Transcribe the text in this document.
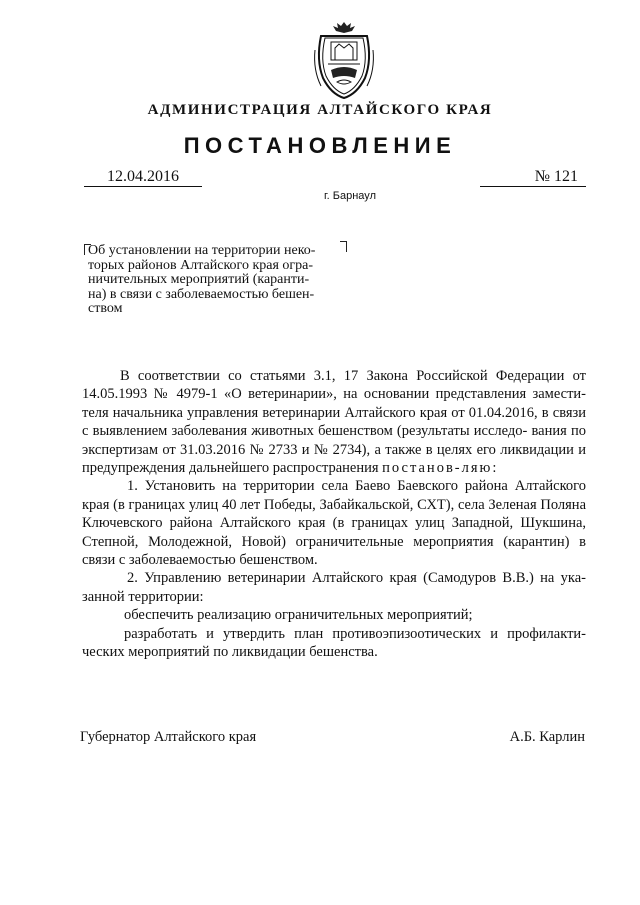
АДМИНИСТРАЦИЯ АЛТАЙСКОГО КРАЯ
ПОСТАНОВЛЕНИЕ
12.04.2016	№ 121
г. Барнаул

Об установлении на территории неко-
торых районов Алтайского края огра-
ничительных мероприятий (каранти-
на) в связи с заболеваемостью бешен-
ством

В соответствии со статьями 3.1, 17 Закона Российской Федерации от 14.05.1993 № 4979-1 «О ветеринарии», на основании представления замести- теля начальника управления ветеринарии Алтайского края от 01.04.2016, в связи с выявлением заболевания животных бешенством (результаты исследо- вания по экспертизам от 31.03.2016 № 2733 и № 2734), а также в целях его ликвидации и предупреждения дальнейшего распространения постанов-ляю:

1. Установить на территории села Баево Баевского района Алтайского края (в границах улиц 40 лет Победы, Забайкальской, СХТ), села Зеленая Поляна Ключевского района Алтайского края (в границах улиц Западной, Шукшина, Степной, Молодежной, Новой) ограничительные мероприятия (карантин) в связи с заболеваемостью бешенством.

2. Управлению ветеринарии Алтайского края (Самодуров В.В.) на ука- занной территории:

обеспечить реализацию ограничительных мероприятий;

разработать и утвердить план противоэпизоотических и профилакти- ческих мероприятий по ликвидации бешенства.

Губернатор Алтайского края	А.Б. Карлин
